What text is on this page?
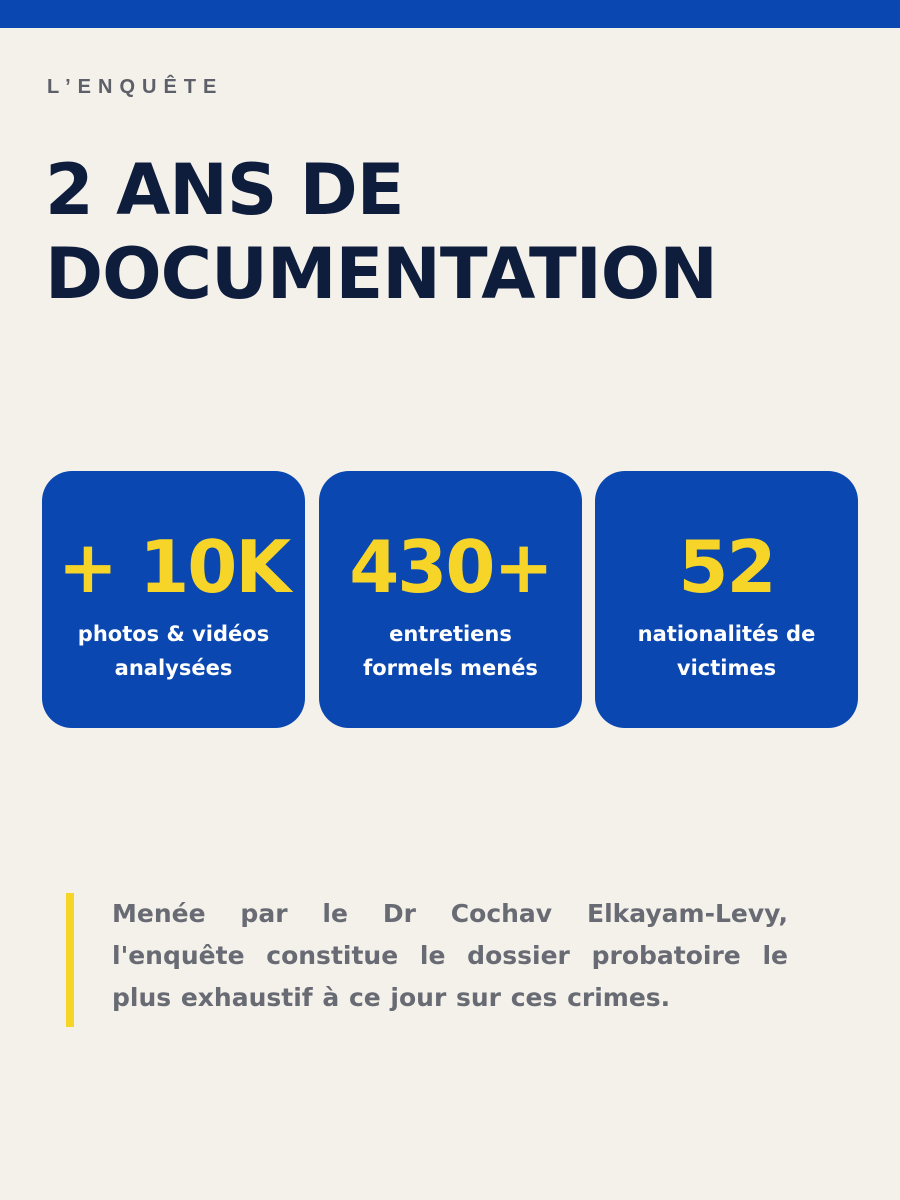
L’ENQUÊTE
2 ANS DE
DOCUMENTATION
+ 10K
photos & vidéos
analysées
430+
entretiens
formels menés
52
nationalités de
victimes

Menée par le Dr Cochav Elkayam-Levy, l'enquête constitue le dossier probatoire le plus exhaustif à ce jour sur ces crimes.
